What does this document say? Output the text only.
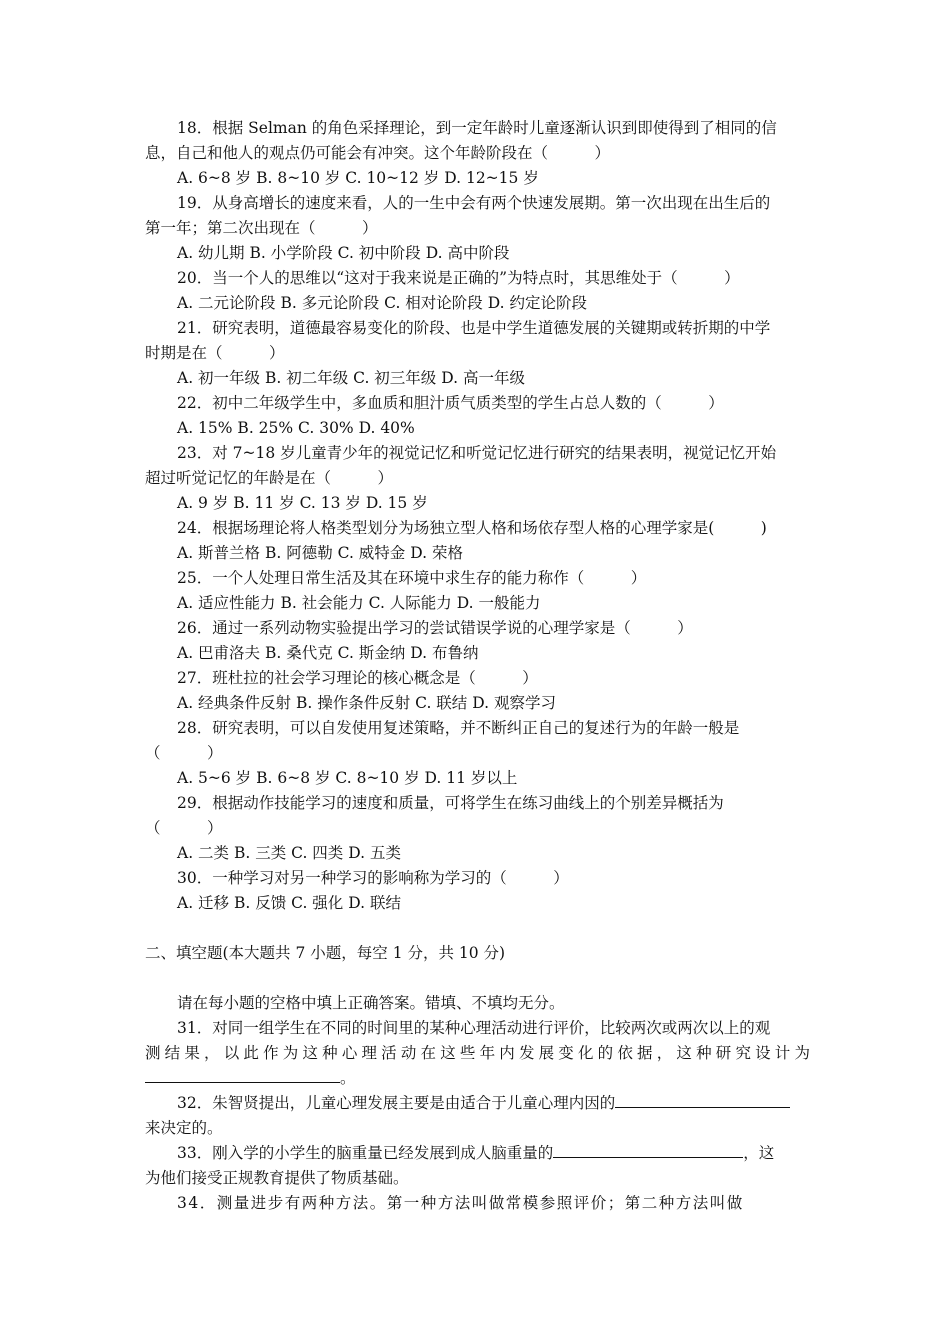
18．根据 Selman 的角色采择理论，到一定年龄时儿童逐渐认识到即使得到了相同的信
息，自己和他人的观点仍可能会有冲突。这个年龄阶段在（　　　）
A. 6~8 岁 B. 8~10 岁 C. 10~12 岁 D. 12~15 岁
19．从身高增长的速度来看，人的一生中会有两个快速发展期。第一次出现在出生后的
第一年；第二次出现在（　　　）
A. 幼儿期 B. 小学阶段 C. 初中阶段 D. 高中阶段
20．当一个人的思维以“这对于我来说是正确的”为特点时，其思维处于（　　　）
A. 二元论阶段 B. 多元论阶段 C. 相对论阶段 D. 约定论阶段
21．研究表明，道德最容易变化的阶段、也是中学生道德发展的关键期或转折期的中学
时期是在（　　　）
A. 初一年级 B. 初二年级 C. 初三年级 D. 高一年级
22．初中二年级学生中，多血质和胆汁质气质类型的学生占总人数的（　　　）
A. 15% B. 25% C. 30% D. 40%
23．对 7~18 岁儿童青少年的视觉记忆和听觉记忆进行研究的结果表明，视觉记忆开始
超过听觉记忆的年龄是在（　　　）
A. 9 岁 B. 11 岁 C. 13 岁 D. 15 岁
24．根据场理论将人格类型划分为场独立型人格和场依存型人格的心理学家是(　　　)
A. 斯普兰格 B. 阿德勒 C. 威特金 D. 荣格
25．一个人处理日常生活及其在环境中求生存的能力称作（　　　）
A. 适应性能力 B. 社会能力 C. 人际能力 D. 一般能力
26．通过一系列动物实验提出学习的尝试错误学说的心理学家是（　　　）
A. 巴甫洛夫 B. 桑代克 C. 斯金纳 D. 布鲁纳
27．班杜拉的社会学习理论的核心概念是（　　　）
A. 经典条件反射 B. 操作条件反射 C. 联结 D. 观察学习
28．研究表明，可以自发使用复述策略，并不断纠正自己的复述行为的年龄一般是
（　　　）
A. 5~6 岁 B. 6~8 岁 C. 8~10 岁 D. 11 岁以上
29．根据动作技能学习的速度和质量，可将学生在练习曲线上的个别差异概括为
（　　　）
A. 二类 B. 三类 C. 四类 D. 五类
30．一种学习对另一种学习的影响称为学习的（　　　）
A. 迁移 B. 反馈 C. 强化 D. 联结
二、填空题(本大题共 7 小题，每空 1 分，共 10 分)
请在每小题的空格中填上正确答案。错填、不填均无分。
31．对同一组学生在不同的时间里的某种心理活动进行评价，比较两次或两次以上的观
测结果，以此作为这种心理活动在这些年内发展变化的依据，这种研究设计为
。
32．朱智贤提出，儿童心理发展主要是由适合于儿童心理内因的
来决定的。
33．刚入学的小学生的脑重量已经发展到成人脑重量的	，这
为他们接受正规教育提供了物质基础。
34．测量进步有两种方法。第一种方法叫做常模参照评价；第二种方法叫做
